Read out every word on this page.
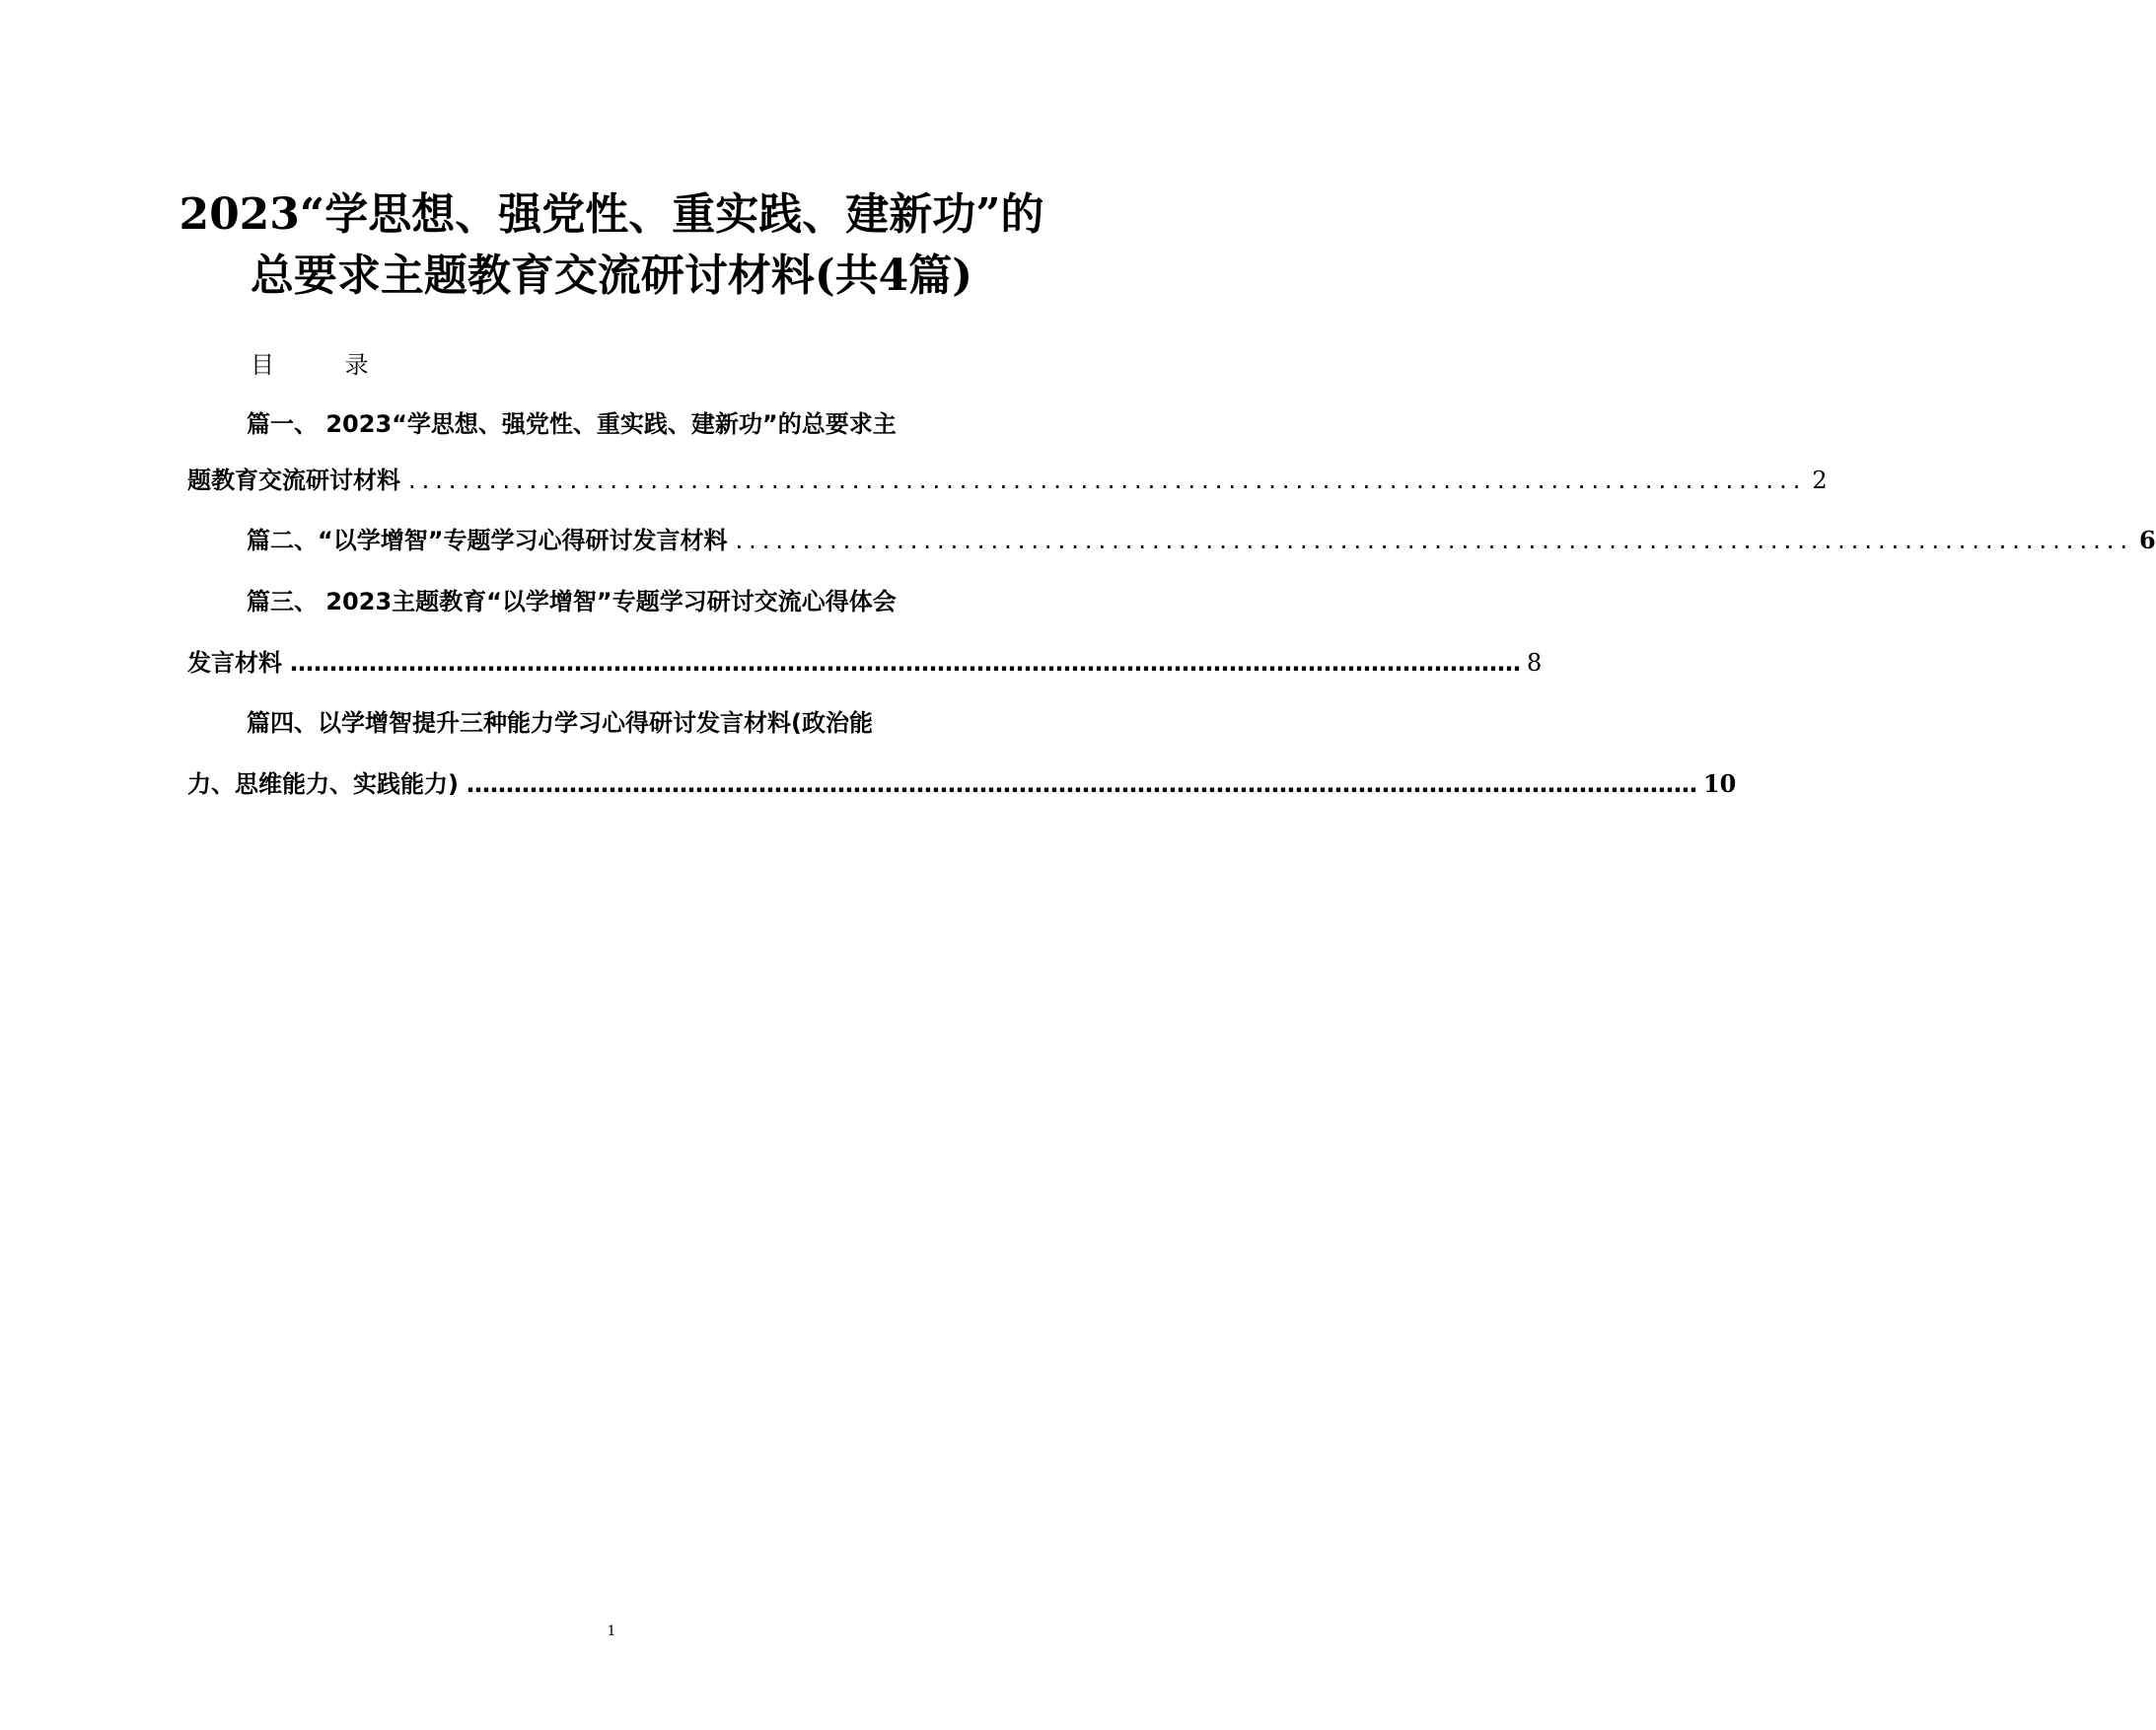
2023“学思想、强党性、重实践、建新功”的
总要求主题教育交流研讨材料(共4篇)
目 录
篇一、 2023“学思想、强党性、重实践、建新功”的总要求主
题教育交流研讨材料 ........................................................................................................ 2
篇二、“以学增智”专题学习心得研讨发言材料 ........................................................................................................ 6
篇三、 2023主题教育“以学增智”专题学习研讨交流心得体会
发言材料 ………………………………………………………………………………………………………………………………………… 8
篇四、以学增智提升三种能力学习心得研讨发言材料(政治能
力、思维能力、实践能力) ………………………………………………………………………………………………………………………………………… 10
1
